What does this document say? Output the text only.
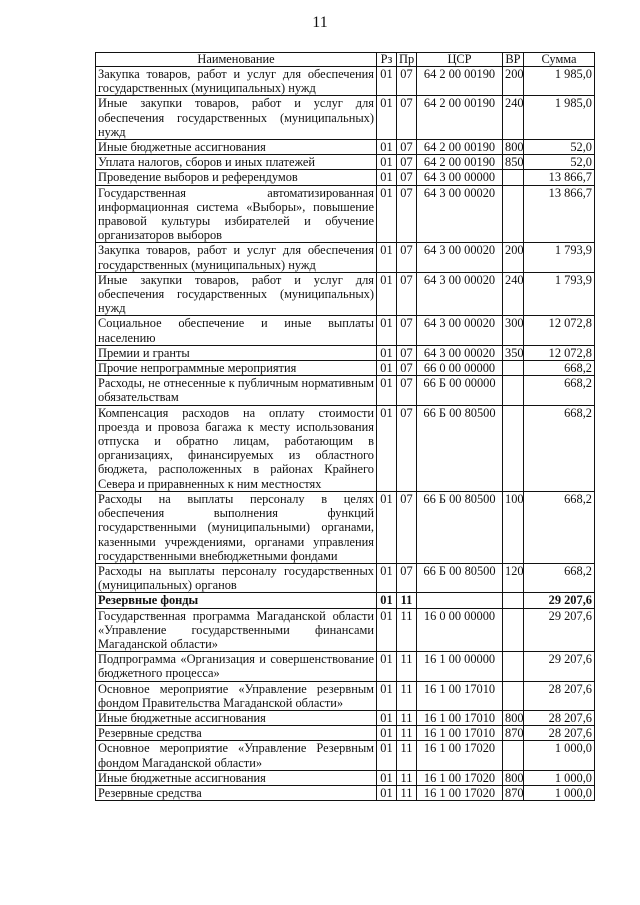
11
Наименование	Рз	Пр	ЦСР	ВР	Сумма
Закупка товаров, работ и услуг для обеспечения государственных (муниципальных) нужд	01	07	64 2 00 00190	200	1 985,0
Иные закупки товаров, работ и услуг для обеспечения государственных (муниципальных) нужд	01	07	64 2 00 00190	240	1 985,0
Иные бюджетные ассигнования	01	07	64 2 00 00190	800	52,0
Уплата налогов, сборов и иных платежей	01	07	64 2 00 00190	850	52,0
Проведение выборов и референдумов	01	07	64 3 00 00000		13 866,7
Государственная автоматизированная информационная система «Выборы», повышение правовой культуры избирателей и обучение организаторов выборов	01	07	64 3 00 00020		13 866,7
Закупка товаров, работ и услуг для обеспечения государственных (муниципальных) нужд	01	07	64 3 00 00020	200	1 793,9
Иные закупки товаров, работ и услуг для обеспечения государственных (муниципальных) нужд	01	07	64 3 00 00020	240	1 793,9
Социальное обеспечение и иные выплаты населению	01	07	64 3 00 00020	300	12 072,8
Премии и гранты	01	07	64 3 00 00020	350	12 072,8
Прочие непрограммные мероприятия	01	07	66 0 00 00000		668,2
Расходы, не отнесенные к публичным нормативным обязательствам	01	07	66 Б 00 00000		668,2
Компенсация расходов на оплату стоимости проезда и провоза багажа к месту использования отпуска и обратно лицам, работающим в организациях, финансируемых из областного бюджета, расположенных в районах Крайнего Севера и приравненных к ним местностях	01	07	66 Б 00 80500		668,2
Расходы на выплаты персоналу в целях обеспечения выполнения функций государственными (муниципальными) органами, казенными учреждениями, органами управления государственными внебюджетными фондами	01	07	66 Б 00 80500	100	668,2
Расходы на выплаты персоналу государственных (муниципальных) органов	01	07	66 Б 00 80500	120	668,2
Резервные фонды	01	11			29 207,6
Государственная программа Магаданской области «Управление государственными финансами Магаданской области»	01	11	16 0 00 00000		29 207,6
Подпрограмма «Организация и совершенствование бюджетного процесса»	01	11	16 1 00 00000		29 207,6
Основное мероприятие «Управление резервным фондом Правительства Магаданской области»	01	11	16 1 00 17010		28 207,6
Иные бюджетные ассигнования	01	11	16 1 00 17010	800	28 207,6
Резервные средства	01	11	16 1 00 17010	870	28 207,6
Основное мероприятие «Управление Резервным фондом Магаданской области»	01	11	16 1 00 17020		1 000,0
Иные бюджетные ассигнования	01	11	16 1 00 17020	800	1 000,0
Резервные средства	01	11	16 1 00 17020	870	1 000,0
